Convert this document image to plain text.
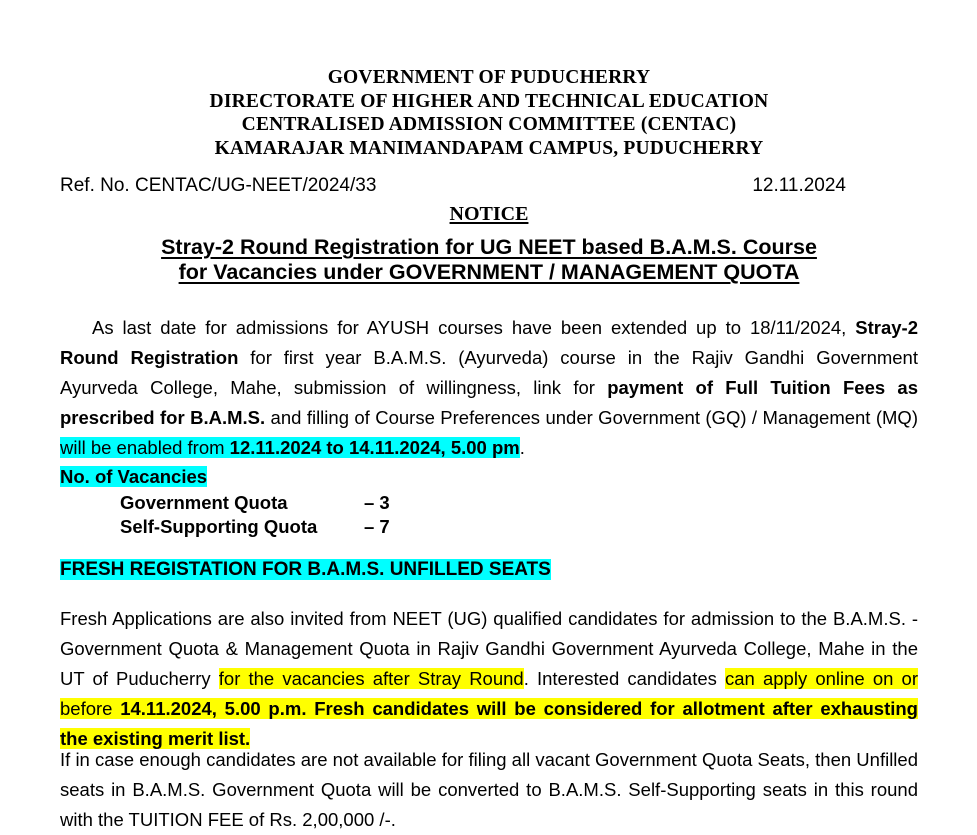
GOVERNMENT OF PUDUCHERRY
DIRECTORATE OF HIGHER AND TECHNICAL EDUCATION
CENTRALISED ADMISSION COMMITTEE (CENTAC)
KAMARAJAR MANIMANDAPAM CAMPUS, PUDUCHERRY
Ref. No. CENTAC/UG-NEET/2024/33	12.11.2024
NOTICE
Stray-2 Round Registration for UG NEET based B.A.M.S. Course
for Vacancies under GOVERNMENT / MANAGEMENT QUOTA
As last date for admissions for AYUSH courses have been extended up to 18/11/2024, Stray-2 Round Registration for first year B.A.M.S. (Ayurveda) course in the Rajiv Gandhi Government Ayurveda College, Mahe, submission of willingness, link for payment of Full Tuition Fees as prescribed for B.A.M.S. and filling of Course Preferences under Government (GQ) / Management (MQ) will be enabled from 12.11.2024 to 14.11.2024, 5.00 pm.
No. of Vacancies
Government Quota	– 3
Self-Supporting Quota	– 7
FRESH REGISTATION FOR B.A.M.S. UNFILLED SEATS
Fresh Applications are also invited from NEET (UG) qualified candidates for admission to the B.A.M.S. - Government Quota & Management Quota in Rajiv Gandhi Government Ayurveda College, Mahe in the UT of Puducherry for the vacancies after Stray Round. Interested candidates can apply online on or before 14.11.2024, 5.00 p.m. Fresh candidates will be considered for allotment after exhausting the existing merit list.
If in case enough candidates are not available for filing all vacant Government Quota Seats, then Unfilled seats in B.A.M.S. Government Quota will be converted to B.A.M.S. Self-Supporting seats in this round with the TUITION FEE of Rs. 2,00,000 /-.
